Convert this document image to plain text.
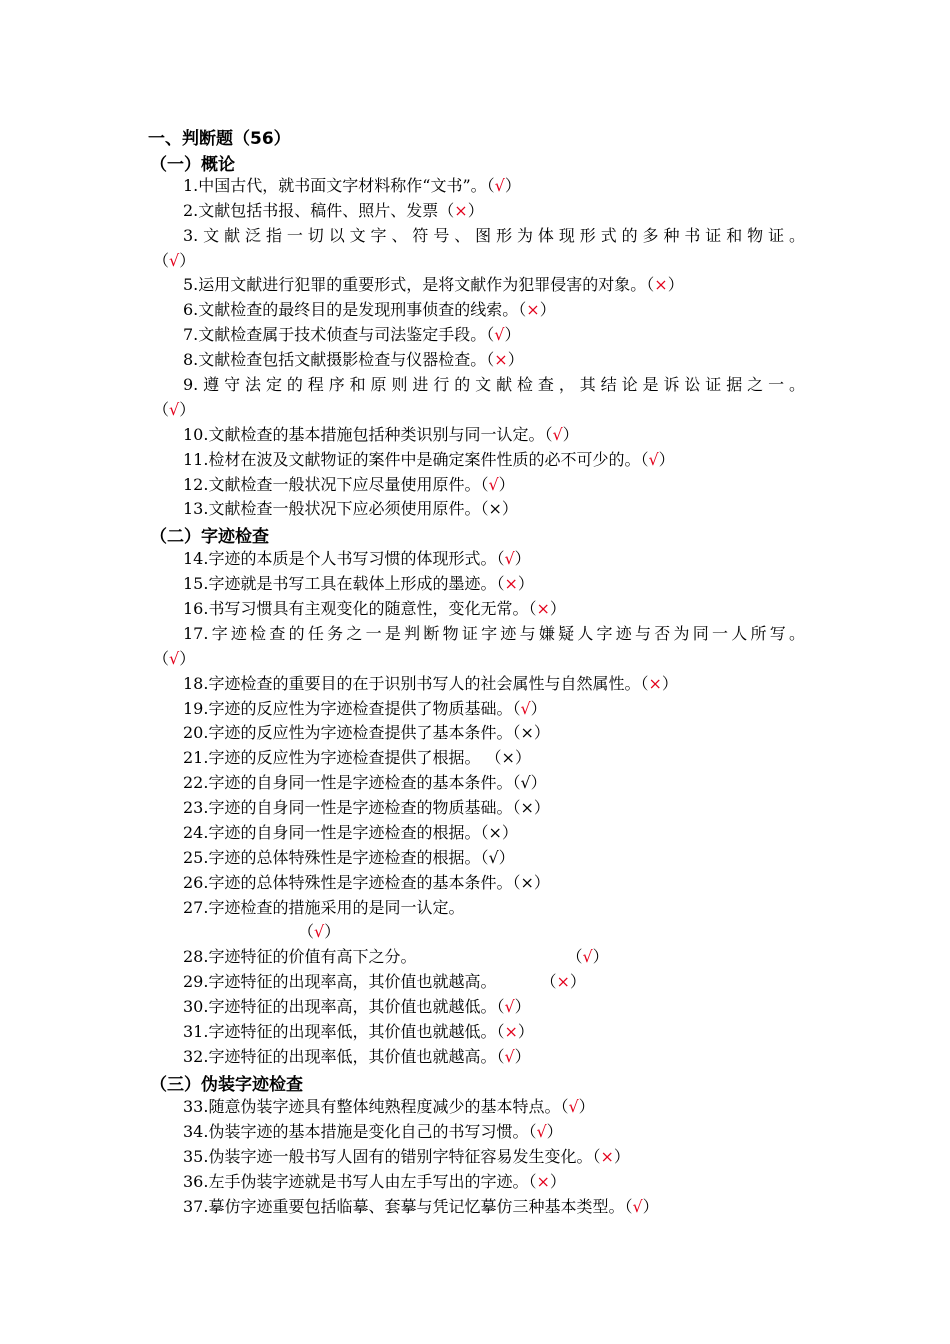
一、判断题（56）
（一）概论
1.中国古代，就书面文字材料称作“文书”。（√）
2.文献包括书报、稿件、照片、发票（×）
3.文献泛指一切以文字、符号、图形为体现形式的多种书证和物证。
（√）
5.运用文献进行犯罪的重要形式，是将文献作为犯罪侵害的对象。（×）
6.文献检查的最终目的是发现刑事侦查的线索。（×）
7.文献检查属于技术侦查与司法鉴定手段。（√）
8.文献检查包括文献摄影检查与仪器检查。（×）
9.遵守法定的程序和原则进行的文献检查，其结论是诉讼证据之一。
（√）
10.文献检查的基本措施包括种类识别与同一认定。（√）
11.检材在波及文献物证的案件中是确定案件性质的必不可少的。（√）
12.文献检查一般状况下应尽量使用原件。（√）
13.文献检查一般状况下应必须使用原件。（×）
（二）字迹检查
14.字迹的本质是个人书写习惯的体现形式。（√）
15.字迹就是书写工具在载体上形成的墨迹。（×）
16.书写习惯具有主观变化的随意性，变化无常。（×）
17.字迹检查的任务之一是判断物证字迹与嫌疑人字迹与否为同一人所写。
（√）
18.字迹检查的重要目的在于识别书写人的社会属性与自然属性。（×）
19.字迹的反应性为字迹检查提供了物质基础。（√）
20.字迹的反应性为字迹检查提供了基本条件。（×）
21.字迹的反应性为字迹检查提供了根据。 （×）
22.字迹的自身同一性是字迹检查的基本条件。（√）
23.字迹的自身同一性是字迹检查的物质基础。（×）
24.字迹的自身同一性是字迹检查的根据。（×）
25.字迹的总体特殊性是字迹检查的根据。（√）
26.字迹的总体特殊性是字迹检查的基本条件。（×）
27.字迹检查的措施采用的是同一认定。
（√）
28.字迹特征的价值有高下之分。	（√）
29.字迹特征的出现率高，其价值也就越高。	（×）
30.字迹特征的出现率高，其价值也就越低。（√）
31.字迹特征的出现率低，其价值也就越低。（×）
32.字迹特征的出现率低，其价值也就越高。（√）
（三）伪装字迹检查
33.随意伪装字迹具有整体纯熟程度减少的基本特点。（√）
34.伪装字迹的基本措施是变化自己的书写习惯。（√）
35.伪装字迹一般书写人固有的错别字特征容易发生变化。（×）
36.左手伪装字迹就是书写人由左手写出的字迹。（×）
37.摹仿字迹重要包括临摹、套摹与凭记忆摹仿三种基本类型。（√）
